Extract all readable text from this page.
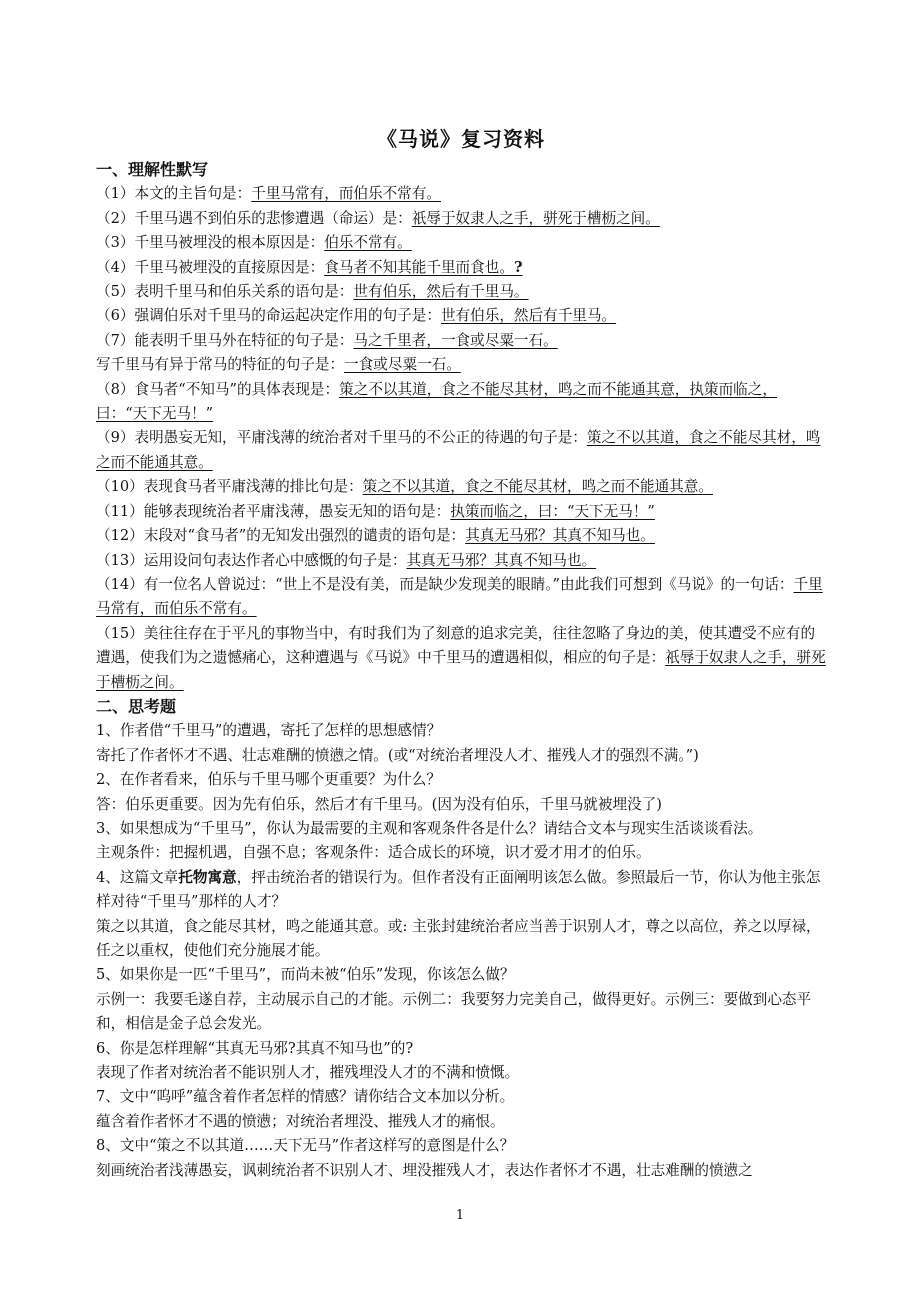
《马说》复习资料
一、理解性默写

（1）本文的主旨句是：千里马常有，而伯乐不常有。

（2）千里马遇不到伯乐的悲惨遭遇（命运）是：祇辱于奴隶人之手，骈死于槽枥之间。

（3）千里马被埋没的根本原因是：伯乐不常有。

（4）千里马被埋没的直接原因是：食马者不知其能千里而食也。?

（5）表明千里马和伯乐关系的语句是：世有伯乐，然后有千里马。

（6）强调伯乐对千里马的命运起决定作用的句子是：世有伯乐，然后有千里马。

（7）能表明千里马外在特征的句子是：马之千里者，一食或尽粟一石。

写千里马有异于常马的特征的句子是：一食或尽粟一石。

（8）食马者“不知马”的具体表现是：策之不以其道，食之不能尽其材，鸣之而不能通其意，执策而临之，曰：“天下无马！”

（9）表明愚妄无知，平庸浅薄的统治者对千里马的不公正的待遇的句子是：策之不以其道，食之不能尽其材，鸣之而不能通其意。

（10）表现食马者平庸浅薄的排比句是：策之不以其道，食之不能尽其材，鸣之而不能通其意。

（11）能够表现统治者平庸浅薄，愚妄无知的语句是：执策而临之，曰：“天下无马！”

（12）末段对“食马者”的无知发出强烈的谴责的语句是：其真无马邪？其真不知马也。

（13）运用设问句表达作者心中感慨的句子是：其真无马邪？其真不知马也。

（14）有一位名人曾说过：“世上不是没有美，而是缺少发现美的眼睛。”由此我们可想到《马说》的一句话：千里马常有，而伯乐不常有。

（15）美往往存在于平凡的事物当中，有时我们为了刻意的追求完美，往往忽略了身边的美，使其遭受不应有的遭遇，使我们为之遗憾痛心，这种遭遇与《马说》中千里马的遭遇相似，相应的句子是：祇辱于奴隶人之手，骈死于槽枥之间。

二、思考题

1、作者借“千里马”的遭遇，寄托了怎样的思想感情？

寄托了作者怀才不遇、壮志难酬的愤懑之情。(或“对统治者埋没人才、摧残人才的强烈不满。”)

2、在作者看来，伯乐与千里马哪个更重要？为什么？

答：伯乐更重要。因为先有伯乐，然后才有千里马。(因为没有伯乐，千里马就被埋没了)

3、如果想成为“千里马”，你认为最需要的主观和客观条件各是什么？请结合文本与现实生活谈谈看法。

主观条件：把握机遇，自强不息；客观条件：适合成长的环境，识才爱才用才的伯乐。

4、这篇文章托物寓意，抨击统治者的错误行为。但作者没有正面阐明该怎么做。参照最后一节，你认为他主张怎样对待“千里马”那样的人才？

策之以其道，食之能尽其材，鸣之能通其意。或: 主张封建统治者应当善于识别人才，尊之以高位，养之以厚禄，任之以重权，使他们充分施展才能。

5、如果你是一匹“千里马”，而尚未被“伯乐”发现，你该怎么做？

示例一：我要毛遂自荐，主动展示自己的才能。示例二：我要努力完美自己，做得更好。示例三：要做到心态平和，相信是金子总会发光。

6、你是怎样理解“其真无马邪?其真不知马也”的?

表现了作者对统治者不能识别人才，摧残埋没人才的不满和愤慨。

7、文中“呜呼”蕴含着作者怎样的情感？请你结合文本加以分析。

蕴含着作者怀才不遇的愤懑；对统治者埋没、摧残人才的痛恨。

8、文中“策之不以其道……天下无马”作者这样写的意图是什么？

刻画统治者浅薄愚妄，讽刺统治者不识别人才、埋没摧残人才，表达作者怀才不遇，壮志难酬的愤懑之

1
